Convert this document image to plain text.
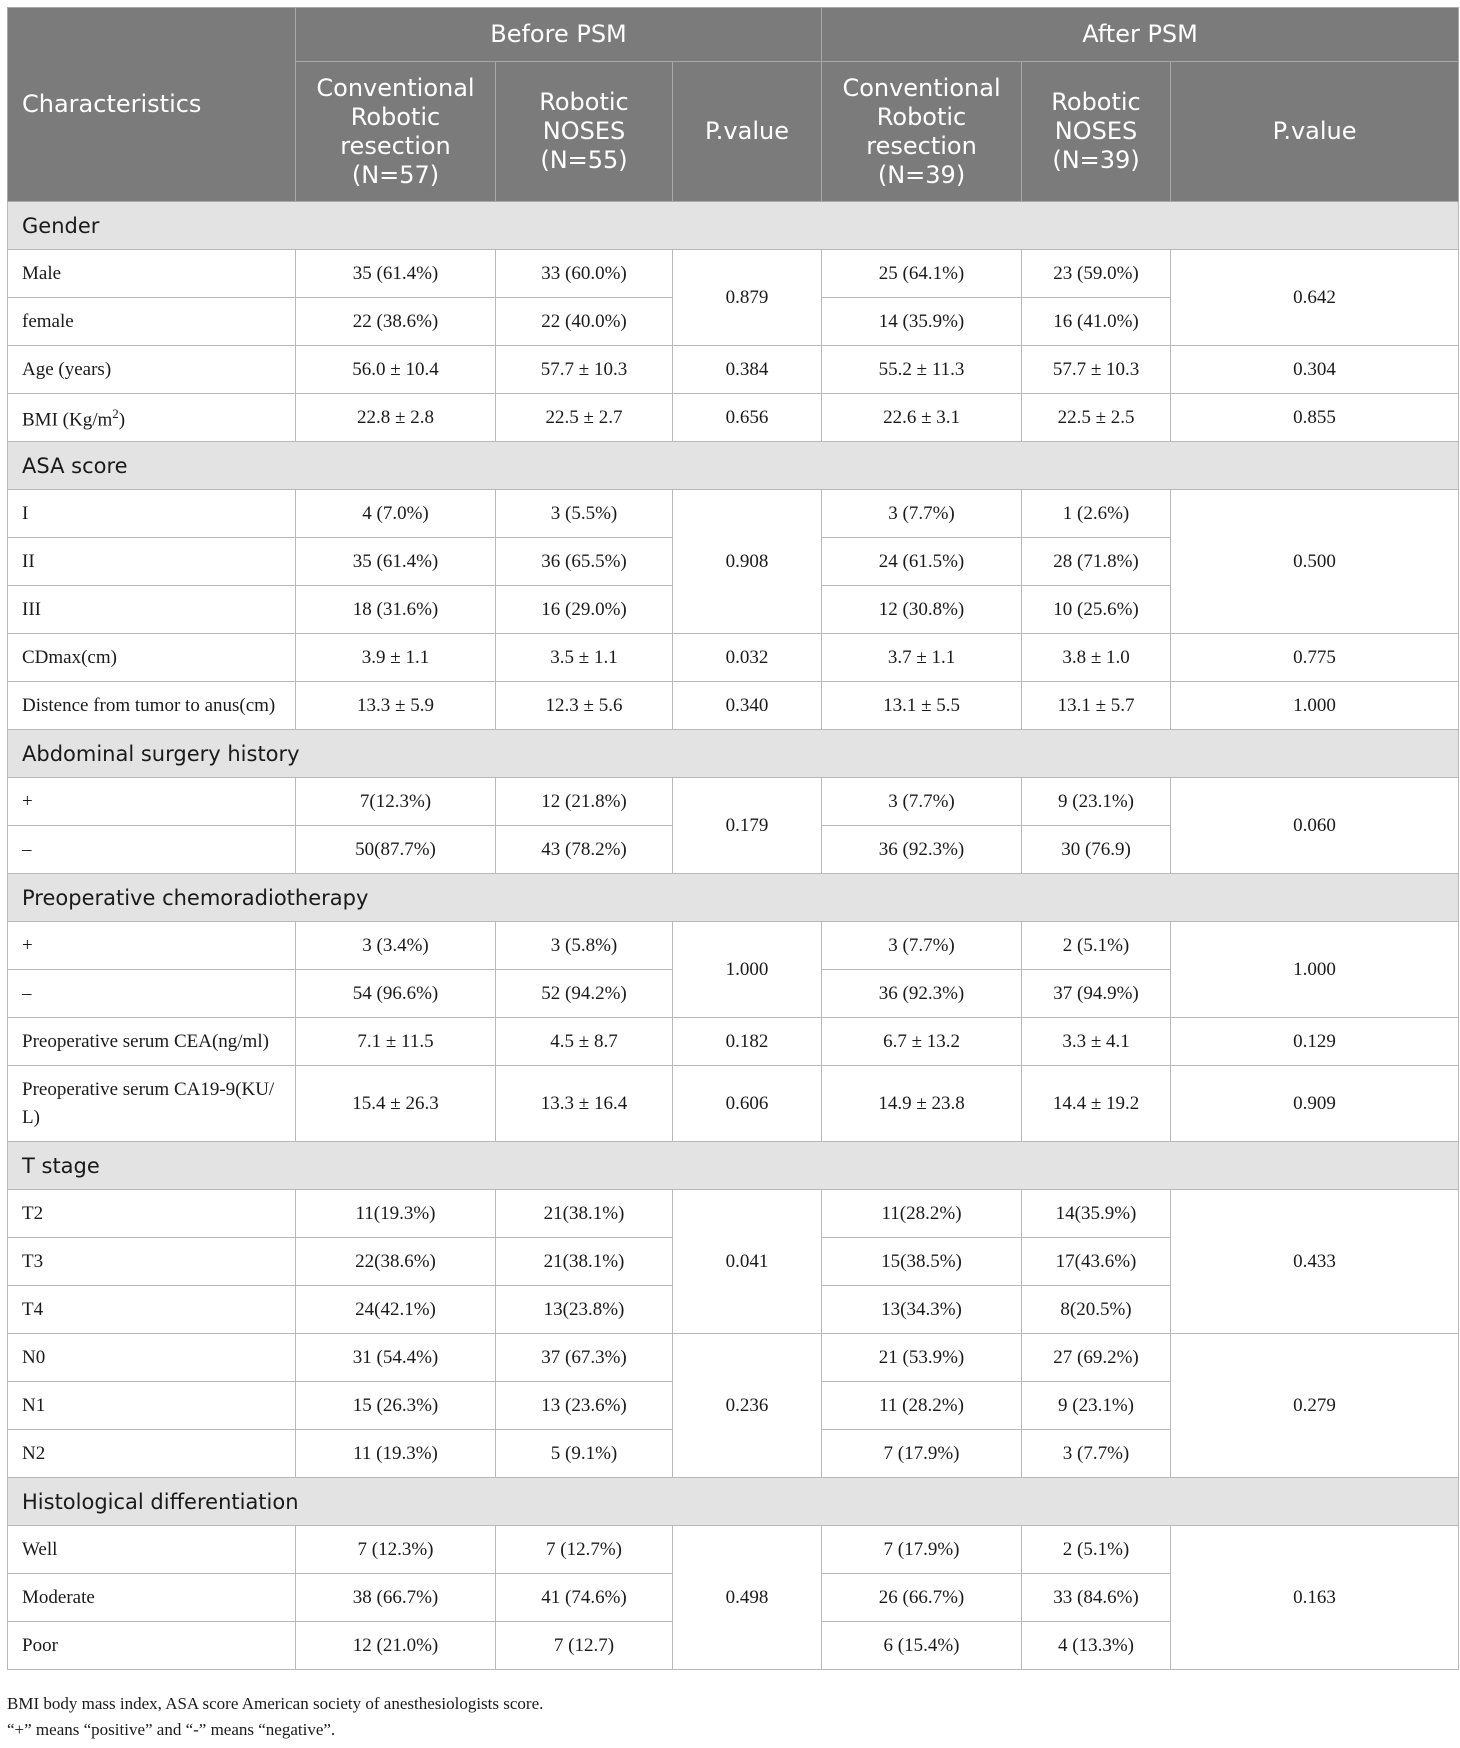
Characteristics	Before PSM			After PSM		
	Conventional Robotic resection (N=57)	Robotic NOSES (N=55)	P.value	Conventional Robotic resection (N=39)	Robotic NOSES (N=39)	P.value
Gender						
Male	35 (61.4%)	33 (60.0%)	0.879	25 (64.1%)	23 (59.0%)	0.642
female	22 (38.6%)	22 (40.0%)		14 (35.9%)	16 (41.0%)	
Age (years)	56.0 ± 10.4	57.7 ± 10.3	0.384	55.2 ± 11.3	57.7 ± 10.3	0.304
BMI $(Kg/m^2)$	22.8 ± 2.8	22.5 ± 2.7	0.656	22.6 ± 3.1	22.5 ± 2.5	0.855
ASA score						
I	4 (7.0%)	3 (5.5%)	0.908	3 (7.7%)	1 (2.6%)	0.500
II	35 (61.4%)	36 (65.5%)		24 (61.5%)	28 (71.8%)	
III	18 (31.6%)	16 (29.0%)		12 (30.8%)	10 (25.6%)	
CDmax(cm)	3.9 ± 1.1	3.5 ± 1.1	0.032	3.7 ± 1.1	3.8 ± 1.0	0.775
Distence from tumor to anus(cm)	13.3 ± 5.9	12.3 ± 5.6	0.340	13.1 ± 5.5	13.1 ± 5.7	1.000
Abdominal surgery history						
+	7(12.3%)	12 (21.8%)	0.179	3 (7.7%)	9 (23.1%)	0.060
–	50(87.7%)	43 (78.2%)		36 (92.3%)	30 (76.9)	
Preoperative chemoradiotherapy						
+	3 (3.4%)	3 (5.8%)	1.000	3 (7.7%)	2 (5.1%)	1.000
–	54 (96.6%)	52 (94.2%)		36 (92.3%)	37 (94.9%)	
Preoperative serum CEA(ng/ml)	7.1 ± 11.5	4.5 ± 8.7	0.182	6.7 ± 13.2	3.3 ± 4.1	0.129

Preoperative serum CA19-9(KU/
L)	15.4 ± 26.3	13.3 ± 16.4	0.606	14.9 ± 23.8	14.4 ± 19.2	0.909
T stage						
T2	11(19.3%)	21(38.1%)	0.041	11(28.2%)	14(35.9%)	0.433
T3	22(38.6%)	21(38.1%)		15(38.5%)	17(43.6%)	
T4	24(42.1%)	13(23.8%)		13(34.3%)	8(20.5%)	
N0	31 (54.4%)	37 (67.3%)	0.236	21 (53.9%)	27 (69.2%)	0.279
N1	15 (26.3%)	13 (23.6%)		11 (28.2%)	9 (23.1%)	
N2	11 (19.3%)	5 (9.1%)		7 (17.9%)	3 (7.7%)	
Histological differentiation						
Well	7 (12.3%)	7 (12.7%)	0.498	7 (17.9%)	2 (5.1%)	0.163
Moderate	38 (66.7%)	41 (74.6%)		26 (66.7%)	33 (84.6%)	
Poor	12 (21.0%)	7 (12.7)		6 (15.4%)	4 (13.3%)	
BMI body mass index, ASA score American society of anesthesiologists score.
“+” means “positive” and “-” means “negative”.
